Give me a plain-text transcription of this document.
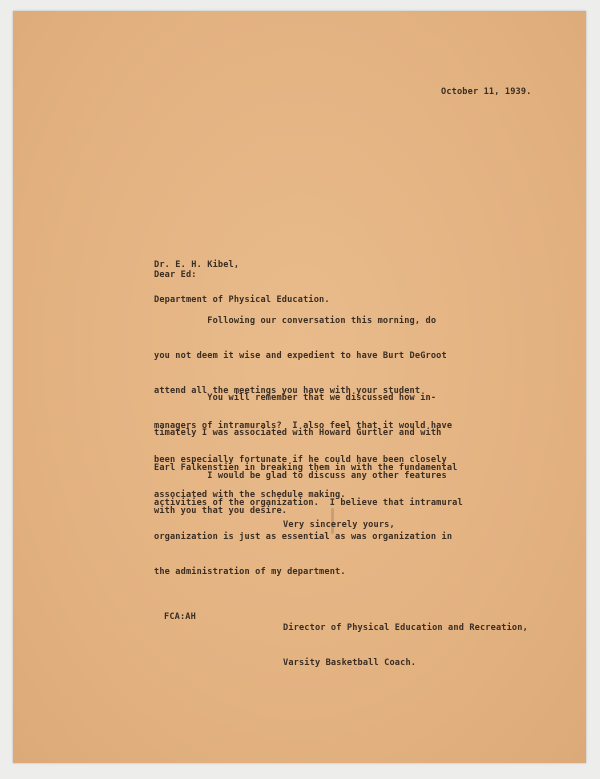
October 11, 1939.

Dr. E. H. Kibel,

Department of Physical Education.

Dear Ed:

Following our conversation this morning, do

you not deem it wise and expedient to have Burt DeGroot

attend all the meetings you have with your student

managers of intramurals?  I also feel that it would have

been especially fortunate if he could have been closely

associated with the schedule making.

You will remember that we discussed how in-

timately I was associated with Howard Gurtler and with

Earl Falkenstien in breaking them in with the fundamental

activities of the organization.  I believe that intramural

organization is just as essential as was organization in

the administration of my department.

I would be glad to discuss any other features

with you that you desire.

Very sincerely yours,

Director of Physical Education and Recreation,

Varsity Basketball Coach.

FCA:AH
